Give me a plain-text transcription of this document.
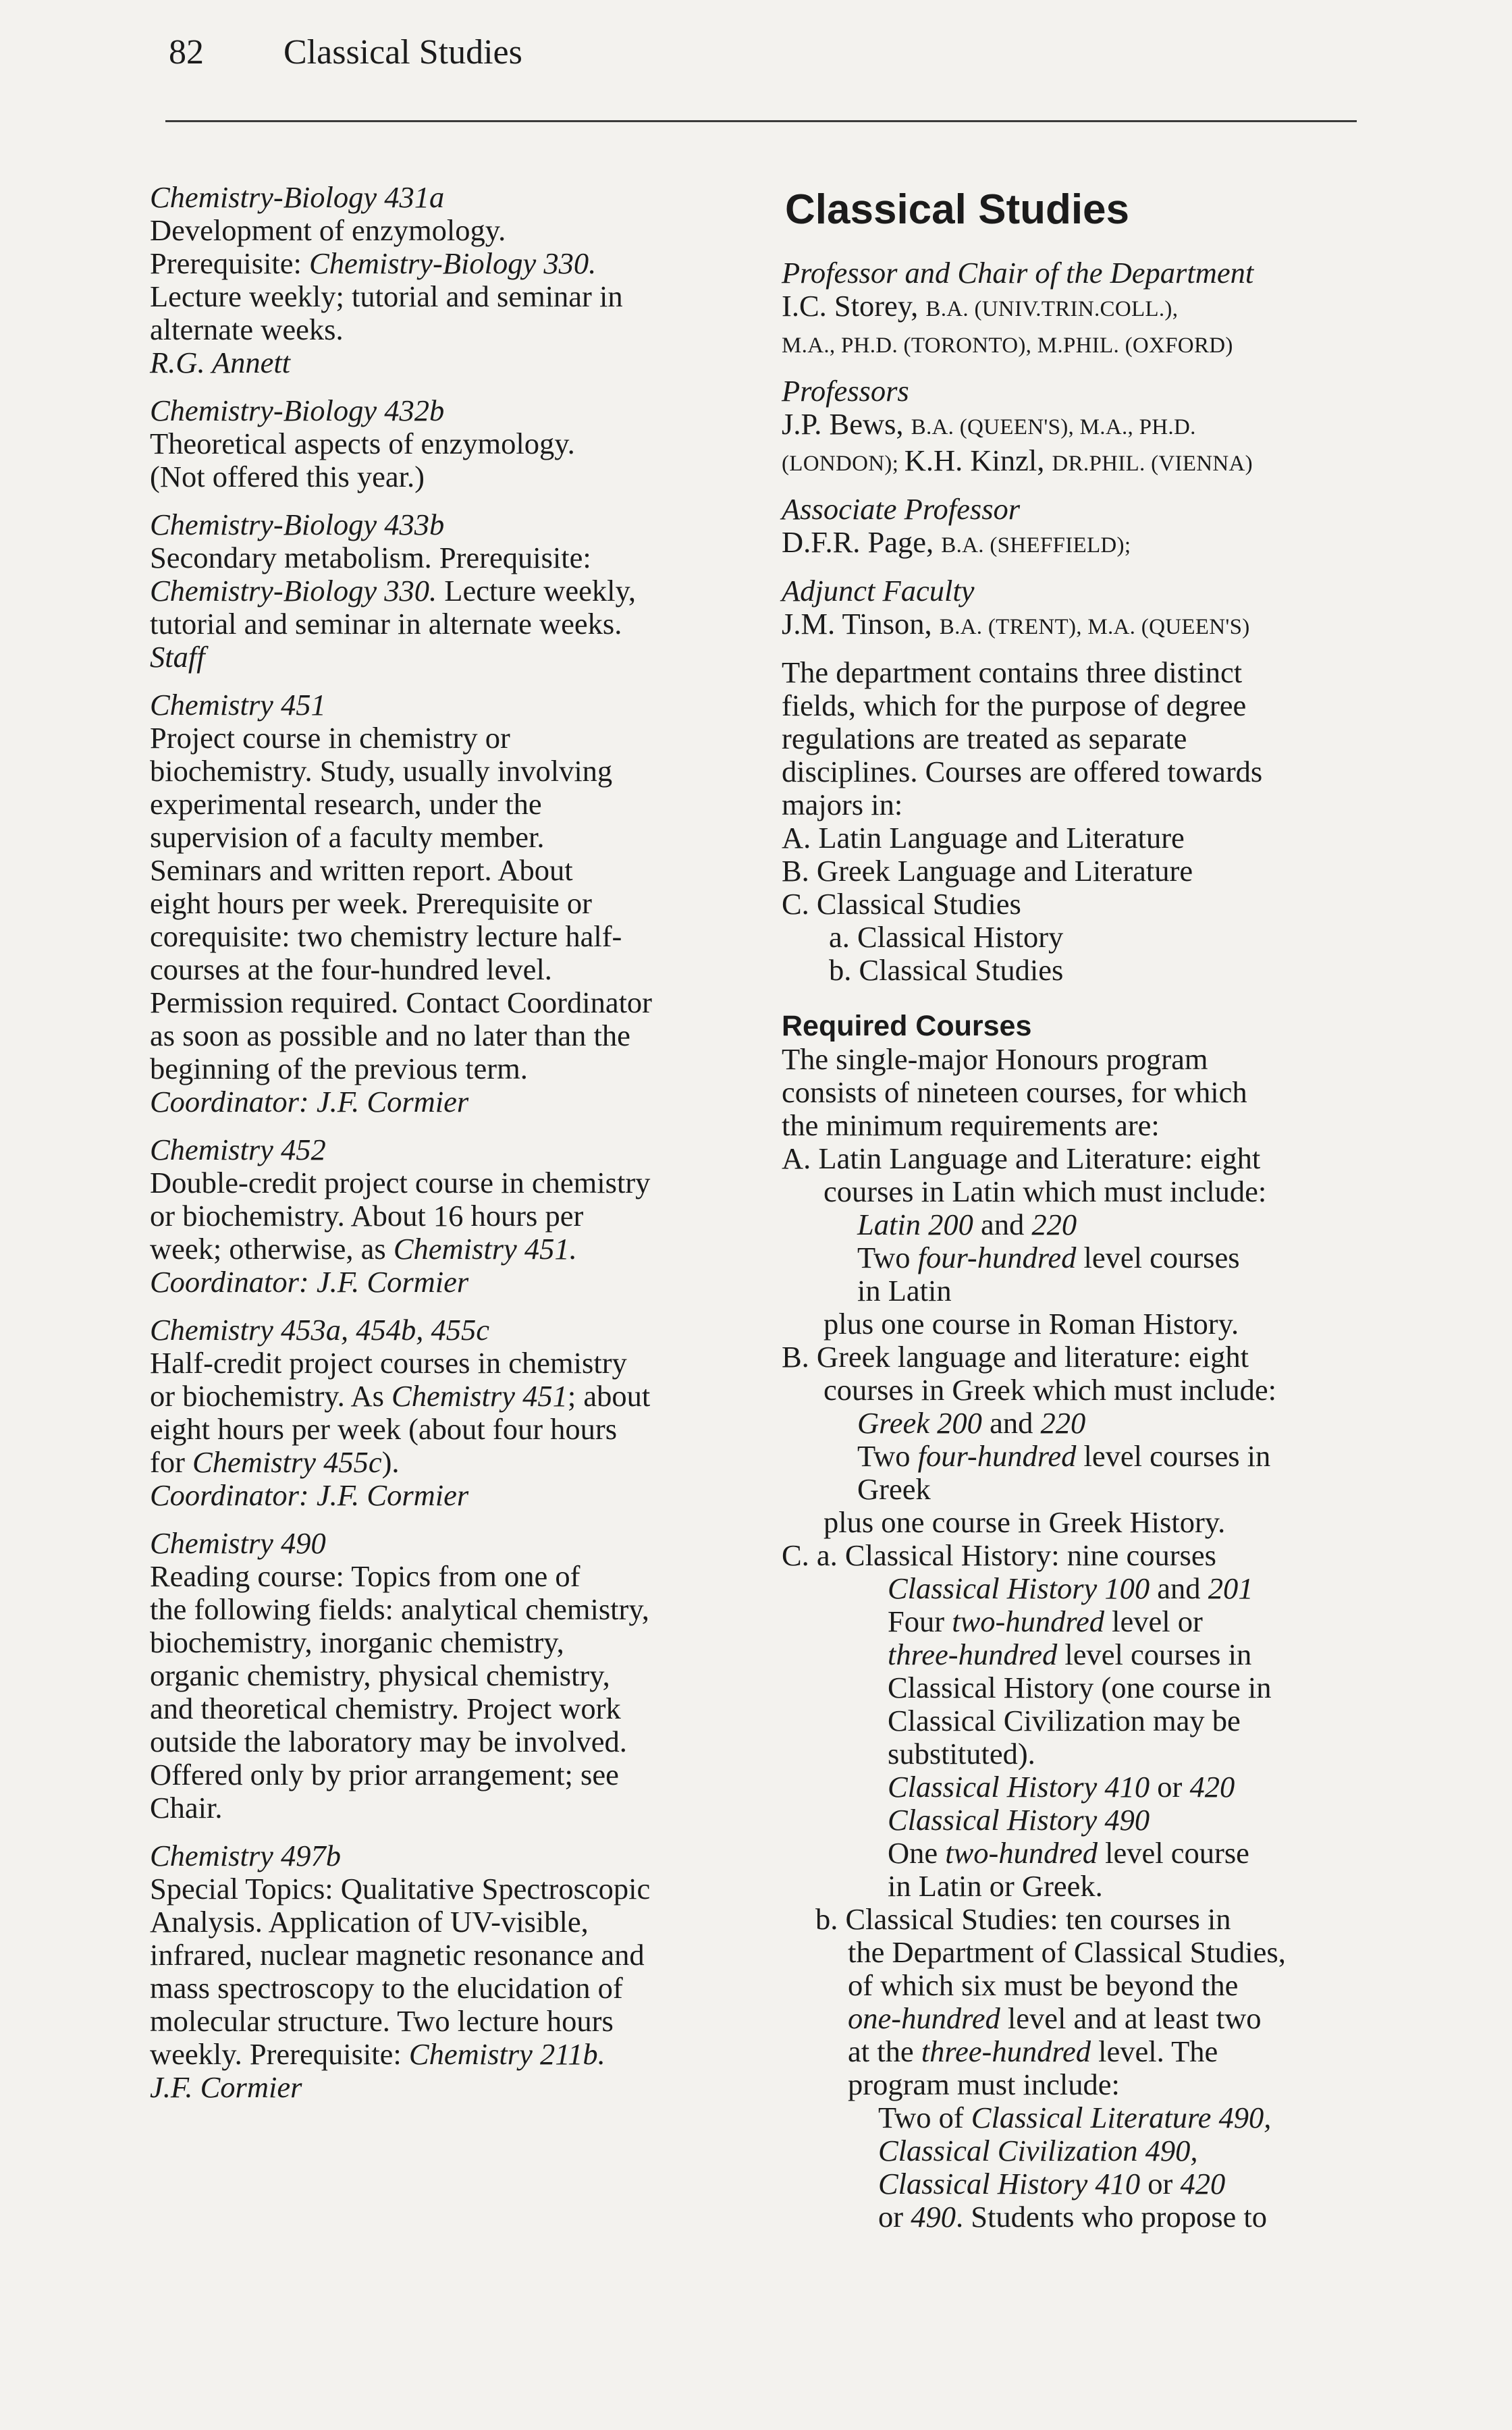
82 Classical Studies
Chemistry-Biology 431a
Development of enzymology.
Prerequisite: Chemistry-Biology 330.
Lecture weekly; tutorial and seminar in
alternate weeks.
R.G. Annett
Chemistry-Biology 432b
Theoretical aspects of enzymology.
(Not offered this year.)
Chemistry-Biology 433b
Secondary metabolism. Prerequisite:
Chemistry-Biology 330. Lecture weekly,
tutorial and seminar in alternate weeks.
Staff
Chemistry 451
Project course in chemistry or
biochemistry. Study, usually involving
experimental research, under the
supervision of a faculty member.
Seminars and written report. About
eight hours per week. Prerequisite or
corequisite: two chemistry lecture half-
courses at the four-hundred level.
Permission required. Contact Coordinator
as soon as possible and no later than the
beginning of the previous term.
Coordinator: J.F. Cormier
Chemistry 452
Double-credit project course in chemistry
or biochemistry. About 16 hours per
week; otherwise, as Chemistry 451.
Coordinator: J.F. Cormier
Chemistry 453a, 454b, 455c
Half-credit project courses in chemistry
or biochemistry. As Chemistry 451; about
eight hours per week (about four hours
for Chemistry 455c).
Coordinator: J.F. Cormier
Chemistry 490
Reading course: Topics from one of
the following fields: analytical chemistry,
biochemistry, inorganic chemistry,
organic chemistry, physical chemistry,
and theoretical chemistry. Project work
outside the laboratory may be involved.
Offered only by prior arrangement; see
Chair.
Chemistry 497b
Special Topics: Qualitative Spectroscopic
Analysis. Application of UV-visible,
infrared, nuclear magnetic resonance and
mass spectroscopy to the elucidation of
molecular structure. Two lecture hours
weekly. Prerequisite: Chemistry 211b.
J.F. Cormier
Classical Studies
Professor and Chair of the Department
I.C. Storey, B.A. (UNIV.TRIN.COLL.),
M.A., PH.D. (TORONTO), M.PHIL. (OXFORD)
Professors
J.P. Bews, B.A. (QUEEN'S), M.A., PH.D.
(LONDON); K.H. Kinzl, DR.PHIL. (VIENNA)
Associate Professor
D.F.R. Page, B.A. (SHEFFIELD);
Adjunct Faculty
J.M. Tinson, B.A. (TRENT), M.A. (QUEEN'S)
The department contains three distinct
fields, which for the purpose of degree
regulations are treated as separate
disciplines. Courses are offered towards
majors in:
A. Latin Language and Literature
B. Greek Language and Literature
C. Classical Studies
a. Classical History
b. Classical Studies
Required Courses
The single-major Honours program
consists of nineteen courses, for which
the minimum requirements are:
A. Latin Language and Literature: eight
courses in Latin which must include:
Latin 200 and 220
Two four-hundred level courses
in Latin
plus one course in Roman History.
B. Greek language and literature: eight
courses in Greek which must include:
Greek 200 and 220
Two four-hundred level courses in
Greek
plus one course in Greek History.
C. a. Classical History: nine courses
Classical History 100 and 201
Four two-hundred level or
three-hundred level courses in
Classical History (one course in
Classical Civilization may be
substituted).
Classical History 410 or 420
Classical History 490
One two-hundred level course
in Latin or Greek.
b. Classical Studies: ten courses in
the Department of Classical Studies,
of which six must be beyond the
one-hundred level and at least two
at the three-hundred level. The
program must include:
Two of Classical Literature 490,
Classical Civilization 490,
Classical History 410 or 420
or 490. Students who propose to
